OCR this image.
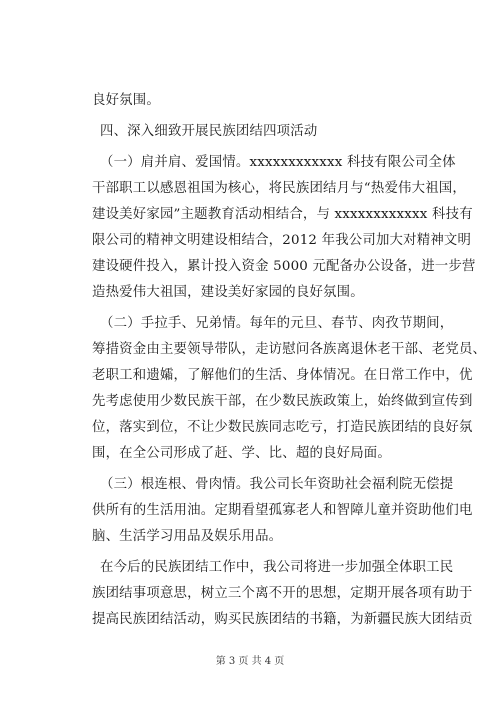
良好氛围。
四、深入细致开展民族团结四项活动
（一）肩并肩、爱国情。xxxxxxxxxxxx 科技有限公司全体
干部职工以感恩祖国为核心，将民族团结月与“热爱伟大祖国，
建设美好家园”主题教育活动相结合，与 xxxxxxxxxxxx 科技有
限公司的精神文明建设相结合，2012 年我公司加大对精神文明
建设硬件投入，累计投入资金 5000 元配备办公设备，进一步营
造热爱伟大祖国，建设美好家园的良好氛围。
（二）手拉手、兄弟情。每年的元旦、春节、肉孜节期间，
筹措资金由主要领导带队，走访慰问各族离退休老干部、老党员、
老职工和遗孀，了解他们的生活、身体情况。在日常工作中，优
先考虑使用少数民族干部，在少数民族政策上，始终做到宣传到
位，落实到位，不让少数民族同志吃亏，打造民族团结的良好氛
围，在全公司形成了赶、学、比、超的良好局面。
（三）根连根、骨肉情。我公司长年资助社会福利院无偿提
供所有的生活用油。定期看望孤寡老人和智障儿童并资助他们电
脑、生活学习用品及娱乐用品。
在今后的民族团结工作中，我公司将进一步加强全体职工民
族团结事项意思，树立三个离不开的思想，定期开展各项有助于
提高民族团结活动，购买民族团结的书籍，为新疆民族大团结贡
第 3 页 共 4 页
